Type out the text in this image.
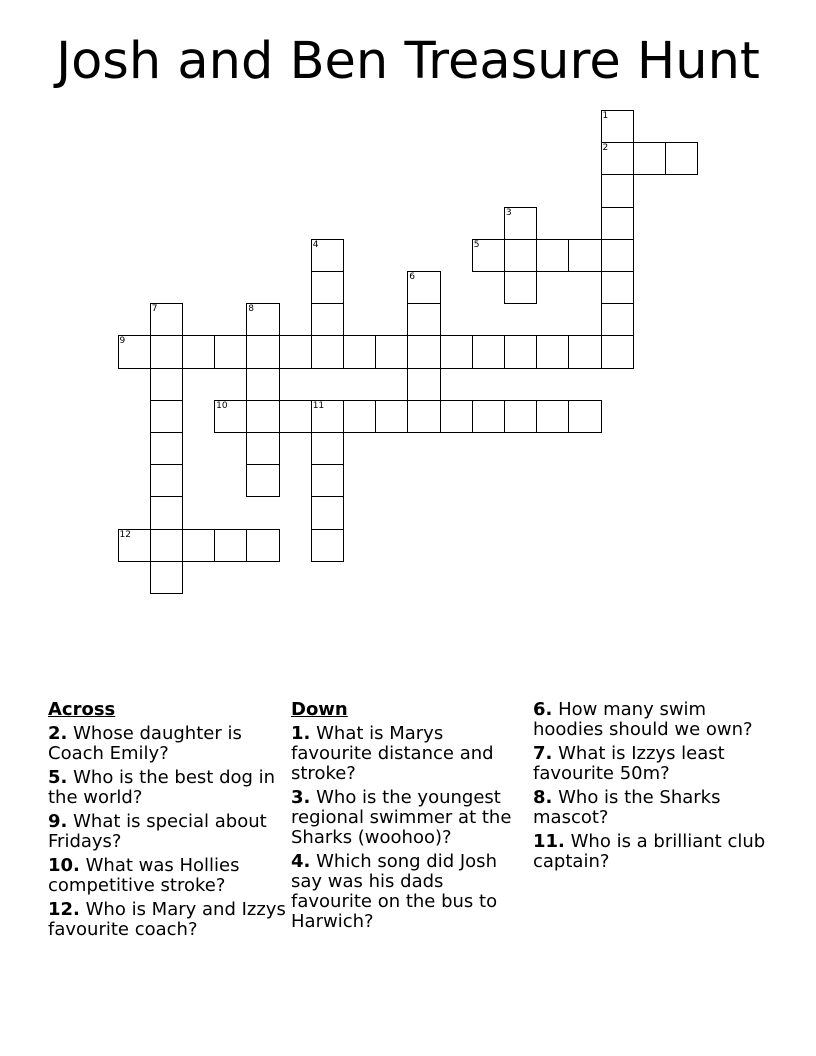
Josh and Ben Treasure Hunt
1
2
3
4	5
6
7	8
9
10	11
12
Across
2. Whose daughter is Coach Emily?
5. Who is the best dog in the world?
9. What is special about Fridays?
10. What was Hollies competitive stroke?
12. Who is Mary and Izzys favourite coach?
Down
1. What is Marys favourite distance and stroke?
3. Who is the youngest regional swimmer at the Sharks (woohoo)?
4. Which song did Josh say was his dads favourite on the bus to Harwich?
6. How many swim hoodies should we own?
7. What is Izzys least favourite 50m?
8. Who is the Sharks mascot?
11. Who is a brilliant club captain?
